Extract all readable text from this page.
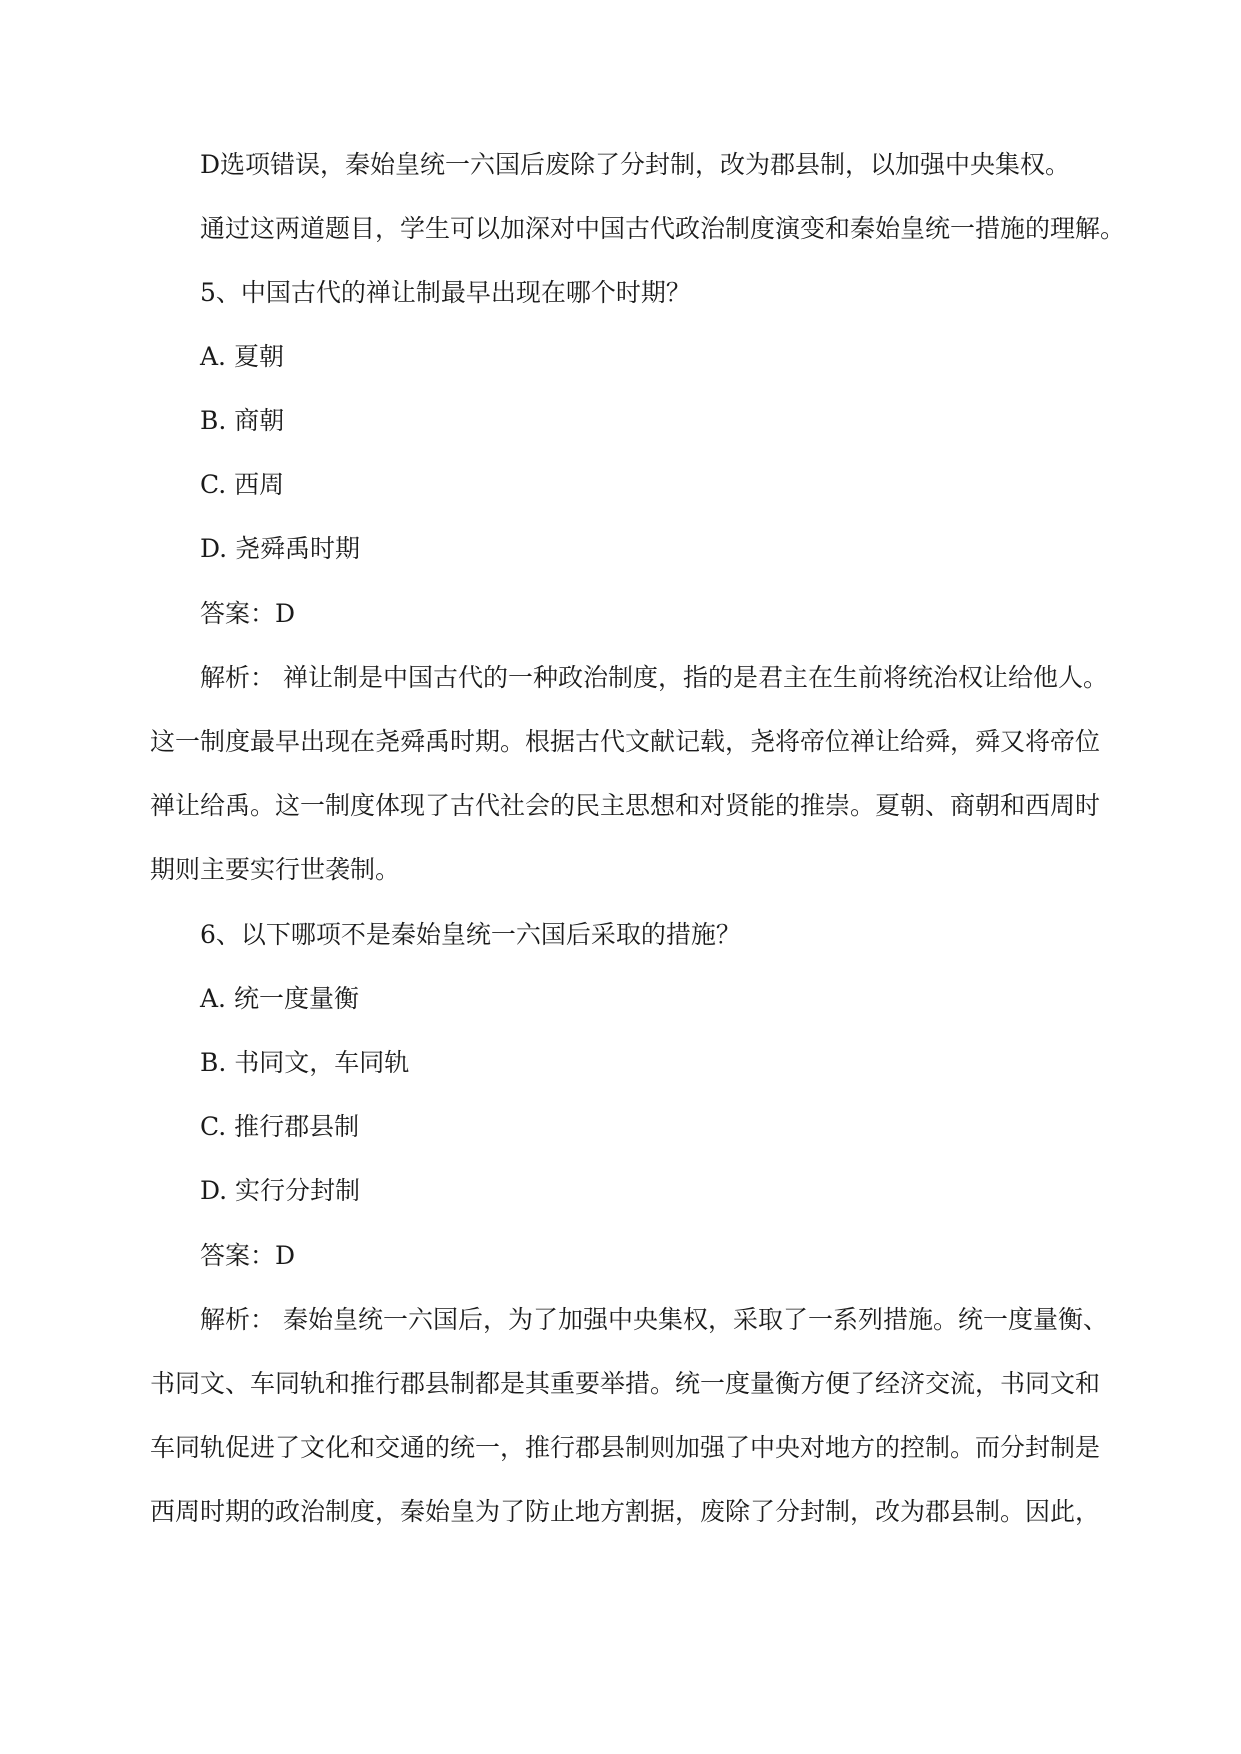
D选项错误，秦始皇统一六国后废除了分封制，改为郡县制，以加强中央集权。

通过这两道题目，学生可以加深对中国古代政治制度演变和秦始皇统一措施的理解。

5、中国古代的禅让制最早出现在哪个时期？

A. 夏朝

B. 商朝

C. 西周

D. 尧舜禹时期

答案：D

解析： 禅让制是中国古代的一种政治制度，指的是君主在生前将统治权让给他人。

这一制度最早出现在尧舜禹时期。根据古代文献记载，尧将帝位禅让给舜，舜又将帝位

禅让给禹。这一制度体现了古代社会的民主思想和对贤能的推崇。夏朝、商朝和西周时

期则主要实行世袭制。

6、以下哪项不是秦始皇统一六国后采取的措施？

A. 统一度量衡

B. 书同文，车同轨

C. 推行郡县制

D. 实行分封制

答案：D

解析： 秦始皇统一六国后，为了加强中央集权，采取了一系列措施。统一度量衡、

书同文、车同轨和推行郡县制都是其重要举措。统一度量衡方便了经济交流，书同文和

车同轨促进了文化和交通的统一，推行郡县制则加强了中央对地方的控制。而分封制是

西周时期的政治制度，秦始皇为了防止地方割据，废除了分封制，改为郡县制。因此，
